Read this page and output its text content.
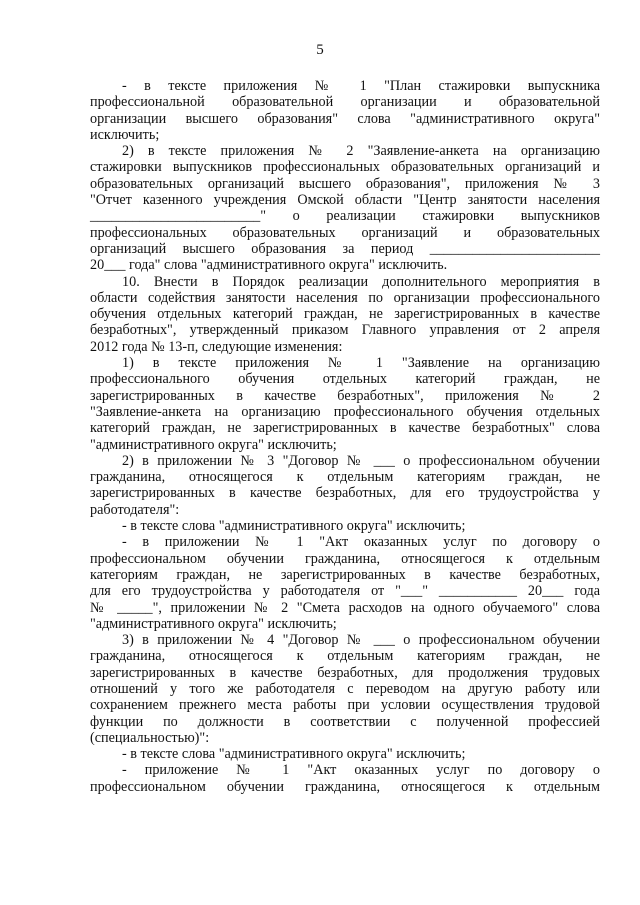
5
- в тексте приложения № 1 "План стажировки выпускника
профессиональной образовательной организации и образовательной
организации высшего образования" слова "административного округа"
исключить;
2) в тексте приложения № 2 "Заявление-анкета на организацию
стажировки выпускников профессиональных образовательных организаций и
образовательных организаций высшего образования", приложения № 3
"Отчет казенного учреждения Омской области "Центр занятости населения
________________________" о реализации стажировки выпускников
профессиональных образовательных организаций и образовательных
организаций высшего образования за период ________________________
20___ года" слова "административного округа" исключить.
10. Внести в Порядок реализации дополнительного мероприятия в
области содействия занятости населения по организации профессионального
обучения отдельных категорий граждан, не зарегистрированных в качестве
безработных", утвержденный приказом Главного управления от 2 апреля
2012 года № 13-п, следующие изменения:
1) в тексте приложения № 1 "Заявление на организацию
профессионального обучения отдельных категорий граждан, не
зарегистрированных в качестве безработных", приложения № 2
"Заявление-анкета на организацию профессионального обучения отдельных
категорий граждан, не зарегистрированных в качестве безработных" слова
"административного округа" исключить;
2) в приложении № 3 "Договор № ___ о профессиональном обучении
гражданина, относящегося к отдельным категориям граждан, не
зарегистрированных в качестве безработных, для его трудоустройства у
работодателя":
- в тексте слова "административного округа" исключить;
- в приложении № 1 "Акт оказанных услуг по договору о
профессиональном обучении гражданина, относящегося к отдельным
категориям граждан, не зарегистрированных в качестве безработных,
для его трудоустройства у работодателя от "___" ___________ 20___ года
№ _____", приложении № 2 "Смета расходов на одного обучаемого" слова
"административного округа" исключить;
3) в приложении № 4 "Договор № ___ о профессиональном обучении
гражданина, относящегося к отдельным категориям граждан, не
зарегистрированных в качестве безработных, для продолжения трудовых
отношений у того же работодателя с переводом на другую работу или
сохранением прежнего места работы при условии осуществления трудовой
функции по должности в соответствии с полученной профессией
(специальностью)":
- в тексте слова "административного округа" исключить;
- приложение № 1 "Акт оказанных услуг по договору о
профессиональном обучении гражданина, относящегося к отдельным
